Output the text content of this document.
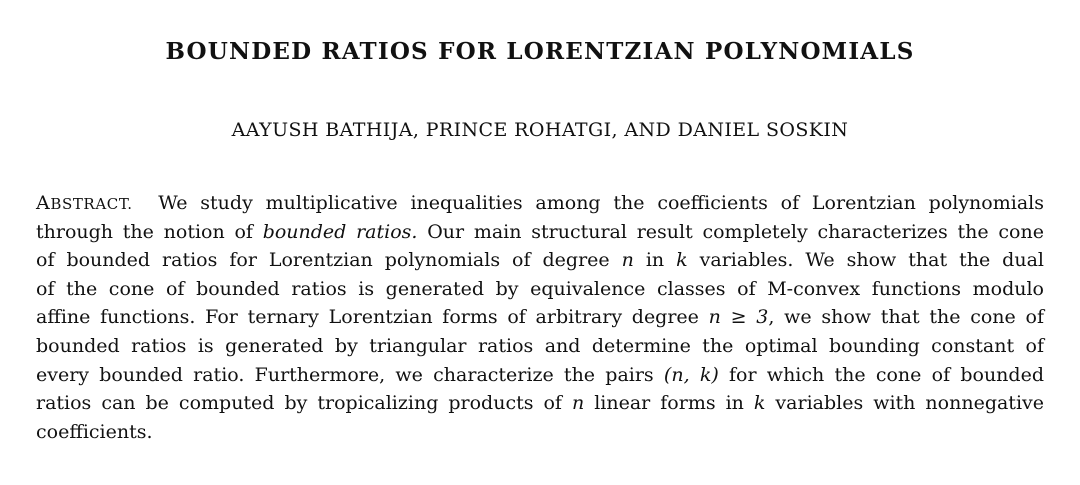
BOUNDED RATIOS FOR LORENTZIAN POLYNOMIALS
AAYUSH BATHIJA, PRINCE ROHATGI, AND DANIEL SOSKIN
ABSTRACT. We study multiplicative inequalities among the coefficients of Lorentzian polynomials
through the notion of bounded ratios. Our main structural result completely characterizes the cone
of bounded ratios for Lorentzian polynomials of degree n in k variables. We show that the dual
of the cone of bounded ratios is generated by equivalence classes of M-convex functions modulo
affine functions. For ternary Lorentzian forms of arbitrary degree n ≥ 3, we show that the cone of
bounded ratios is generated by triangular ratios and determine the optimal bounding constant of
every bounded ratio. Furthermore, we characterize the pairs (n, k) for which the cone of bounded
ratios can be computed by tropicalizing products of n linear forms in k variables with nonnegative
coefficients.
